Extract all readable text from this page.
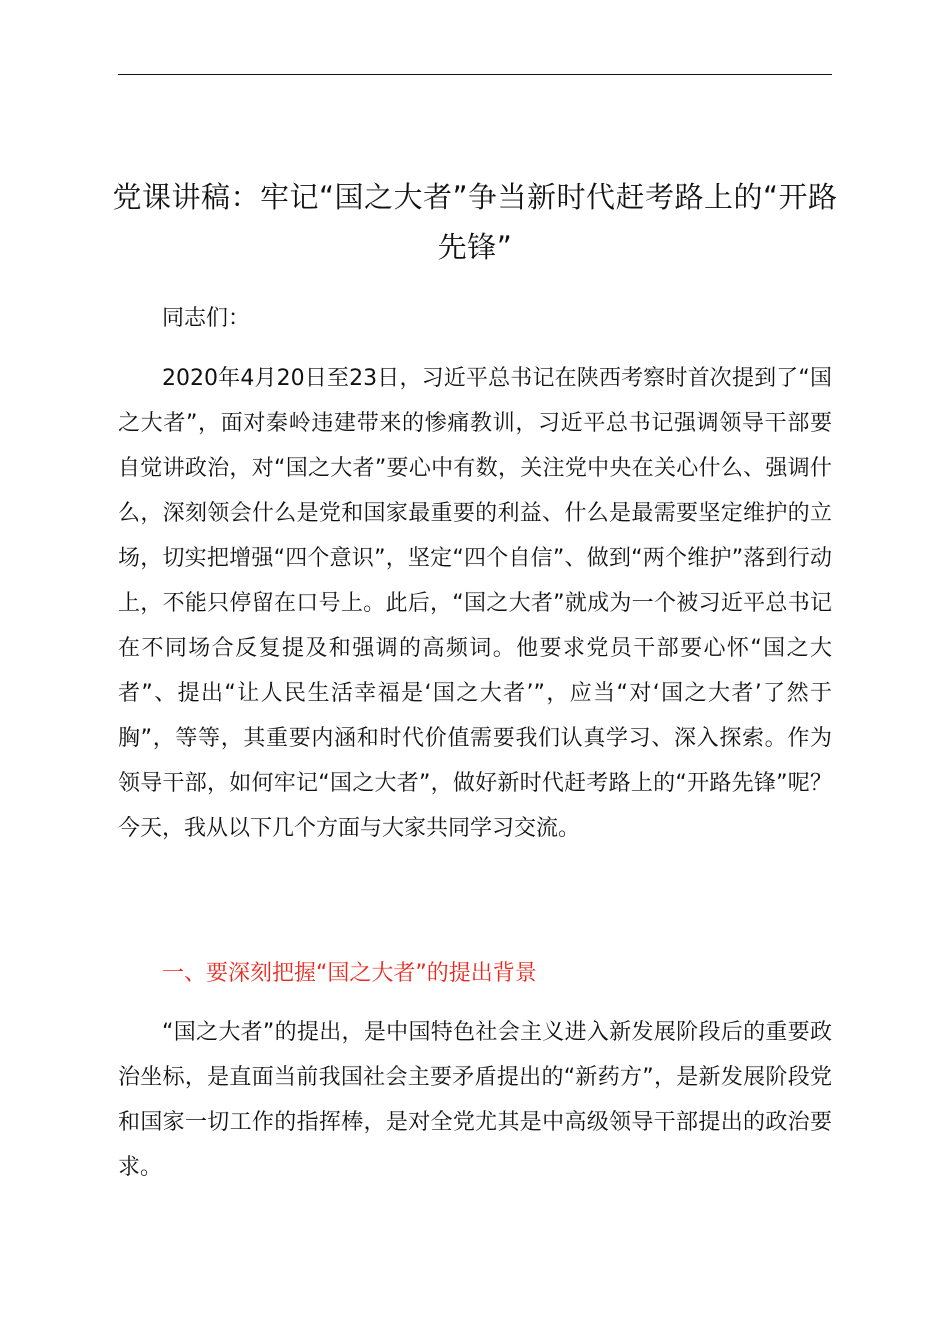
党课讲稿：牢记“国之大者”争当新时代赶考路上的“开路先锋”

同志们：

2020年4月20日至23日，习近平总书记在陕西考察时首次提到了“国之大者”，面对秦岭违建带来的惨痛教训，习近平总书记强调领导干部要自觉讲政治，对“国之大者”要心中有数，关注党中央在关心什么、强调什么，深刻领会什么是党和国家最重要的利益、什么是最需要坚定维护的立场，切实把增强“四个意识”，坚定“四个自信”、做到“两个维护”落到行动上，不能只停留在口号上。此后，“国之大者”就成为一个被习近平总书记在不同场合反复提及和强调的高频词。他要求党员干部要心怀“国之大者”、提出“让人民生活幸福是‘国之大者’”，应当“对‘国之大者’了然于胸”，等等，其重要内涵和时代价值需要我们认真学习、深入探索。作为领导干部，如何牢记“国之大者”，做好新时代赶考路上的“开路先锋”呢？今天，我从以下几个方面与大家共同学习交流。

一、要深刻把握“国之大者”的提出背景

“国之大者”的提出，是中国特色社会主义进入新发展阶段后的重要政治坐标，是直面当前我国社会主要矛盾提出的“新药方”，是新发展阶段党和国家一切工作的指挥棒，是对全党尤其是中高级领导干部提出的政治要求。
